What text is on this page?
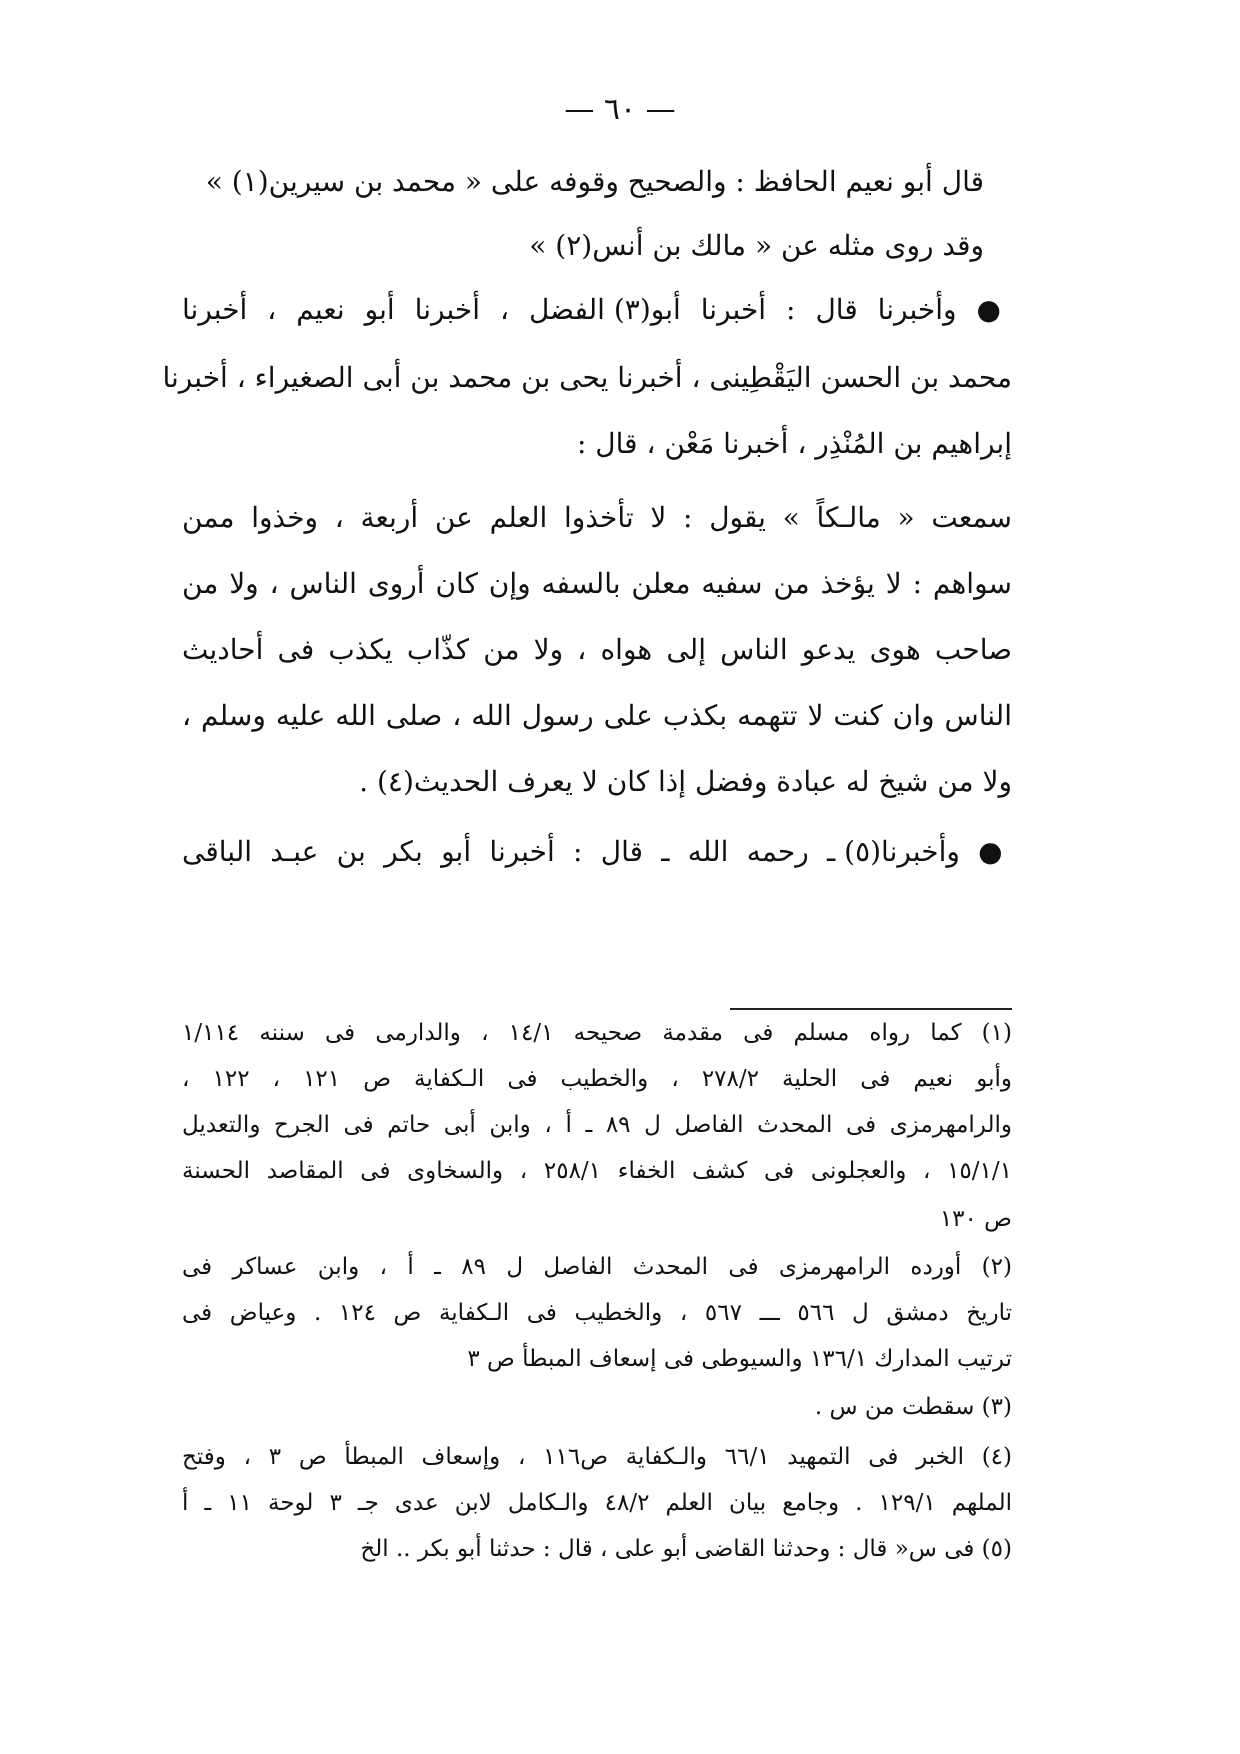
— ٦٠ —

قال أبو نعيم الحافظ : والصحيح وقوفه على « محمد بن سيرين(١) »

وقد روى مثله عن « مالك بن أنس(٢) »

● وأخبرنا قال : أخبرنا أبو(٣) الفضل ، أخبرنا أبو نعيم ، أخبرنا

محمد بن الحسن اليَقْطِينى ، أخبرنا يحى بن محمد بن أبى الصغيراء ، أخبرنا

إبراهيم بن المُنْذِر ، أخبرنا مَعْن ، قال :

سمعت « مالـكاً » يقول : لا تأخذوا العلم عن أربعة ، وخذوا ممن

سواهم : لا يؤخذ من سفيه معلن بالسفه وإن كان أروى الناس ، ولا من

صاحب هوى يدعو الناس إلى هواه ، ولا من كذّاب يكذب فى أحاديث

الناس وان كنت لا تتهمه بكذب على رسول الله ، صلى الله عليه وسلم ،

ولا من شيخ له عبادة وفضل إذا كان لا يعرف الحديث(٤) .

● وأخبرنا(٥) ـ رحمه الله ـ قال : أخبرنا أبو بكر بن عبـد الباقى

(١) كما رواه مسلم فى مقدمة صحيحه ١٤/١ ، والدارمى فى سننه ١/١١٤

وأبو نعيم فى الحلية ٢٧٨/٢ ، والخطيب فى الـكفاية ص ١٢١ ، ١٢٢ ،

والرامهرمزى فى المحدث الفاصل ل ٨٩ ـ أ ، وابن أبى حاتم فى الجرح والتعديل

١٥/١/١ ، والعجلونى فى كشف الخفاء ٢٥٨/١ ، والسخاوى فى المقاصد الحسنة

ص ١٣٠

(٢) أورده الرامهرمزى فى المحدث الفاصل ل ٨٩ ـ أ ، وابن عساكر فى

تاريخ دمشق ل ٥٦٦ ـــ ٥٦٧ ، والخطيب فى الـكفاية ص ١٢٤ . وعياض فى

ترتيب المدارك ١٣٦/١ والسيوطى فى إسعاف المبطأ ص ٣

(٣) سقطت من س .

(٤) الخبر فى التمهيد ٦٦/١ والـكفاية ص١١٦ ، وإسعاف المبطأ ص ٣ ، وفتح

الملهم ١٢٩/١ . وجامع بيان العلم ٤٨/٢ والـكامل لابن عدى جـ ٣ لوحة ١١ ـ أ

(٥) فى س« قال : وحدثنا القاضى أبو على ، قال : حدثنا أبو بكر .. الخ
